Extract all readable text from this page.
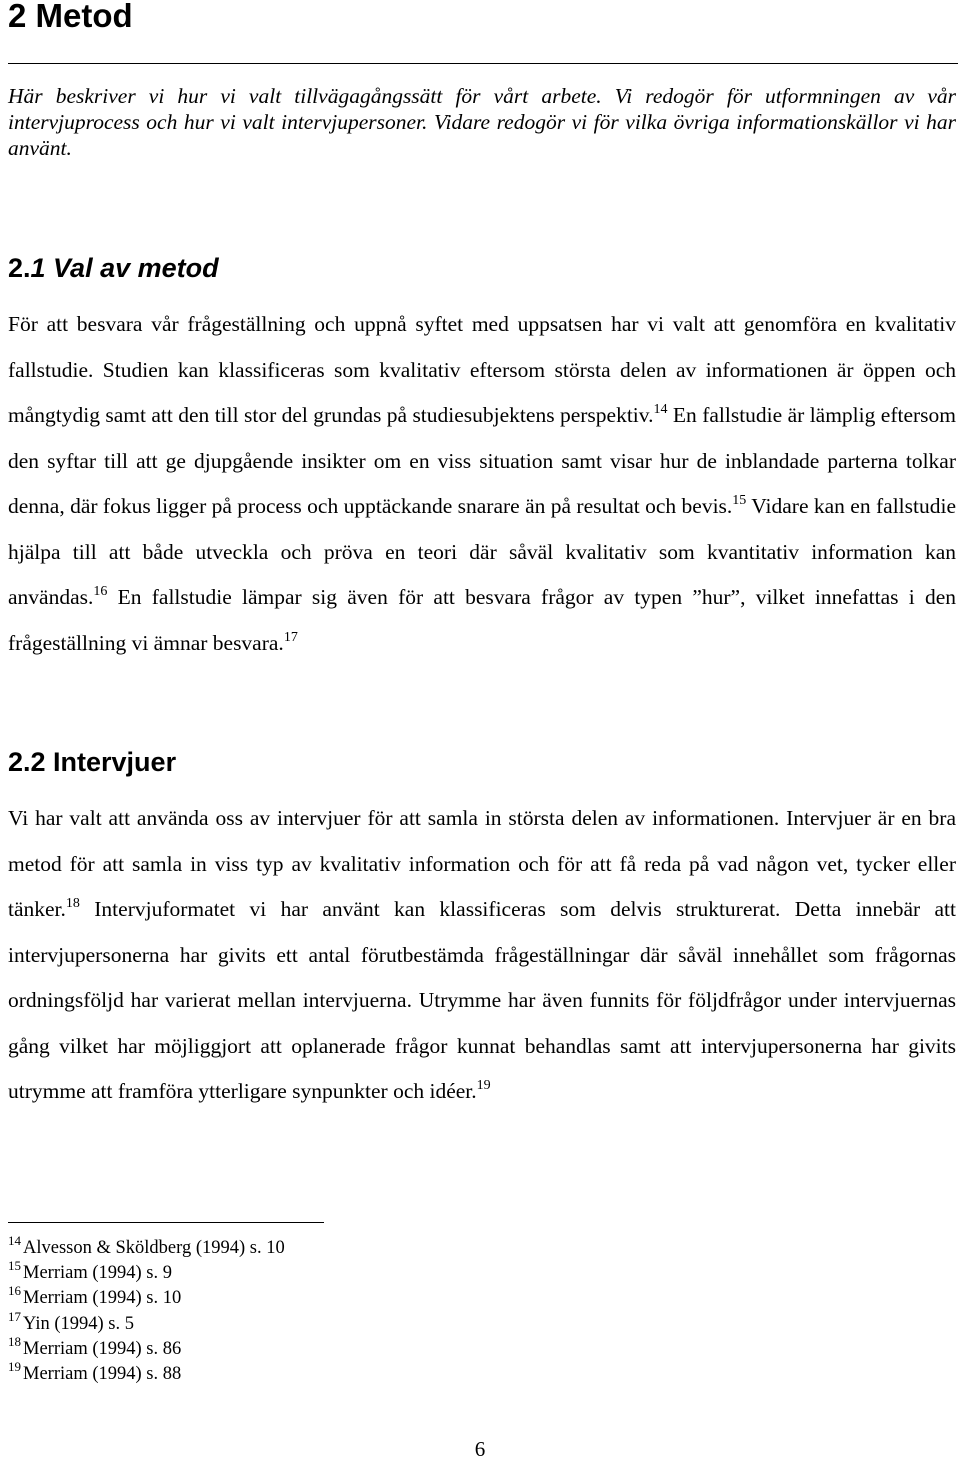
2 Metod

Här beskriver vi hur vi valt tillvägagångssätt för vårt arbete. Vi redogör för utformningen av vår intervjuprocess och hur vi valt intervjupersoner. Vidare redogör vi för vilka övriga informationskällor vi har använt.

2.1 Val av metod

För att besvara vår frågeställning och uppnå syftet med uppsatsen har vi valt att genomföra en kvalitativ fallstudie. Studien kan klassificeras som kvalitativ eftersom största delen av informationen är öppen och mångtydig samt att den till stor del grundas på studiesubjektens perspektiv.$^{14}$ En fallstudie är lämplig eftersom den syftar till att ge djupgående insikter om en viss situation samt visar hur de inblandade parterna tolkar denna, där fokus ligger på process och upptäckande snarare än på resultat och bevis.$^{15}$ Vidare kan en fallstudie hjälpa till att både utveckla och pröva en teori där såväl kvalitativ som kvantitativ information kan användas.$^{16}$ En fallstudie lämpar sig även för att besvara frågor av typen ”hur”, vilket innefattas i den frågeställning vi ämnar besvara.$^{17}$

2.2 Intervjuer

Vi har valt att använda oss av intervjuer för att samla in största delen av informationen. Intervjuer är en bra metod för att samla in viss typ av kvalitativ information och för att få reda på vad någon vet, tycker eller tänker.$^{18}$ Intervjuformatet vi har använt kan klassificeras som delvis strukturerat. Detta innebär att intervjupersonerna har givits ett antal förutbestämda frågeställningar där såväl innehållet som frågornas ordningsföljd har varierat mellan intervjuerna. Utrymme har även funnits för följdfrågor under intervjuernas gång vilket har möjliggjort att oplanerade frågor kunnat behandlas samt att intervjupersonerna har givits utrymme att framföra ytterligare synpunkter och idéer.$^{19}$

$^{14}$ Alvesson & Sköldberg (1994) s. 10
$^{15}$ Merriam (1994) s. 9
$^{16}$ Merriam (1994) s. 10
$^{17}$ Yin (1994) s. 5
$^{18}$ Merriam (1994) s. 86
$^{19}$ Merriam (1994) s. 88
6
